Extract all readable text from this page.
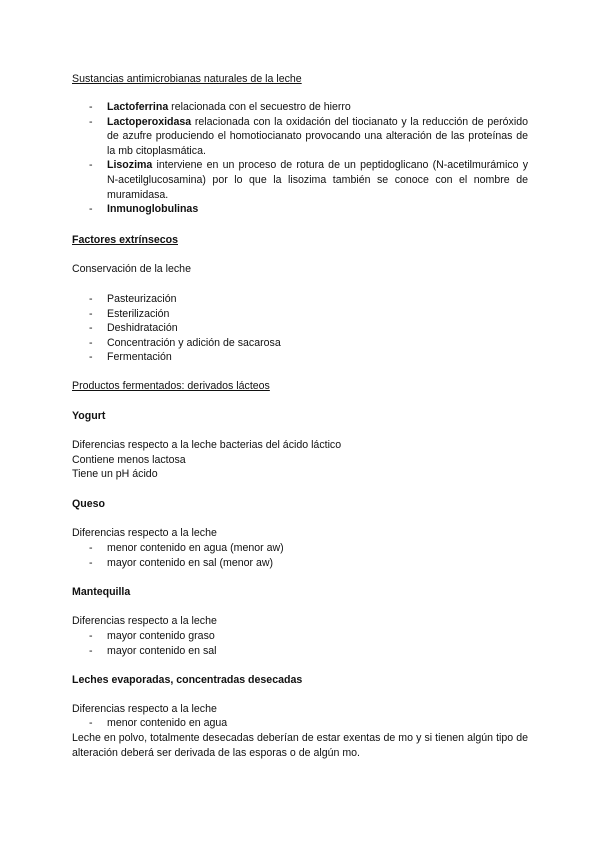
Sustancias antimicrobianas naturales de la leche
- Lactoferrina relacionada con el secuestro de hierro
- Lactoperoxidasa relacionada con la oxidación del tiocianato y la reducción de peróxido de azufre produciendo el homotiocianato provocando una alteración de las proteínas de la mb citoplasmática.
- Lisozima interviene en un proceso de rotura de un peptidoglicano (N-acetilmurámico y N-acetilglucosamina) por lo que la lisozima también se conoce con el nombre de muramidasa.
- Inmunoglobulinas
Factores extrínsecos
Conservación de la leche
- Pasteurización
- Esterilización
- Deshidratación
- Concentración y adición de sacarosa
- Fermentación
Productos fermentados: derivados lácteos
Yogurt

Diferencias respecto a la leche bacterias del ácido láctico

Contiene menos lactosa

Tiene un pH ácido

Queso
Diferencias respecto a la leche
- menor contenido en agua (menor aw)
- mayor contenido en sal (menor aw)
Mantequilla
Diferencias respecto a la leche
- mayor contenido graso
- mayor contenido en sal
Leches evaporadas, concentradas desecadas
Diferencias respecto a la leche
- menor contenido en agua

Leche en polvo, totalmente desecadas deberían de estar exentas de mo y si tienen algún tipo de alteración deberá ser derivada de las esporas o de algún mo.
